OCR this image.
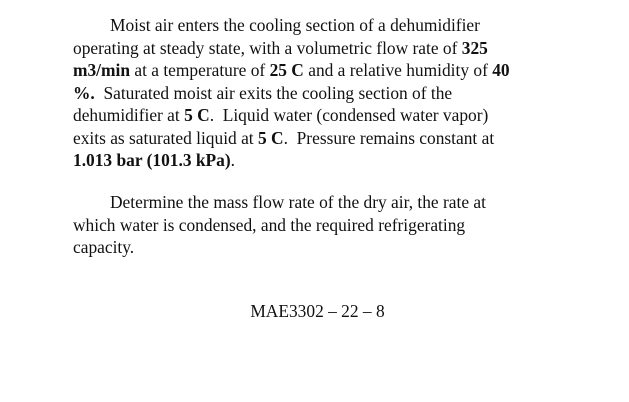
Moist air enters the cooling section of a dehumidifier
operating at steady state, with a volumetric flow rate of 325
m3/min at a temperature of 25 C and a relative humidity of 40
%.  Saturated moist air exits the cooling section of the
dehumidifier at 5 C.  Liquid water (condensed water vapor)
exits as saturated liquid at 5 C.  Pressure remains constant at
1.013 bar (101.3 kPa).

Determine the mass flow rate of the dry air, the rate at
which water is condensed, and the required refrigerating
capacity.

MAE3302 – 22 – 8
